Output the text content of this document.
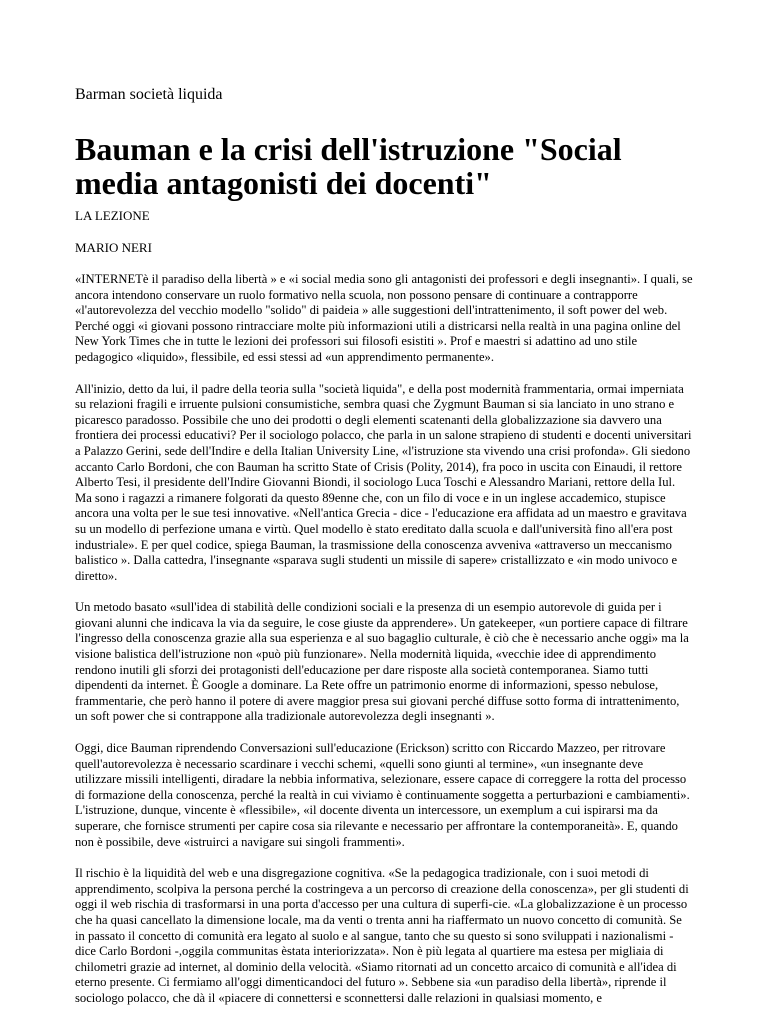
Barman società liquida

Bauman e la crisi dell'istruzione "Social media antagonisti dei docenti"

LA LEZIONE

MARIO NERI

«INTERNETè il paradiso della libertà » e «i social media sono gli antagonisti dei professori e degli insegnanti». I quali, se ancora intendono conservare un ruolo formativo nella scuola, non possono pensare di continuare a contrapporre «l'autorevolezza del vecchio modello "solido" di paideia » alle suggestioni dell'intrattenimento, il soft power del web. Perché oggi «i giovani possono rintracciare molte più informazioni utili a districarsi nella realtà in una pagina online del New York Times che in tutte le lezioni dei professori sui filosofi esistiti ». Prof e maestri si adattino ad uno stile pedagogico «liquido», flessibile, ed essi stessi ad «un apprendimento permanente».

All'inizio, detto da lui, il padre della teoria sulla "società liquida", e della post modernità frammentaria, ormai imperniata su relazioni fragili e irruente pulsioni consumistiche, sembra quasi che Zygmunt Bauman si sia lanciato in uno strano e picaresco paradosso. Possibile che uno dei prodotti o degli elementi scatenanti della globalizzazione sia davvero una frontiera dei processi educativi? Per il sociologo polacco, che parla in un salone strapieno di studenti e docenti universitari a Palazzo Gerini, sede dell'Indire e della Italian University Line, «l'istruzione sta vivendo una crisi profonda». Gli siedono accanto Carlo Bordoni, che con Bauman ha scritto State of Crisis (Polity, 2014), fra poco in uscita con Einaudi, il rettore Alberto Tesi, il presidente dell'Indire Giovanni Biondi, il sociologo Luca Toschi e Alessandro Mariani, rettore della Iul. Ma sono i ragazzi a rimanere folgorati da questo 89enne che, con un filo di voce e in un inglese accademico, stupisce ancora una volta per le sue tesi innovative. «Nell'antica Grecia - dice - l'educazione era affidata ad un maestro e gravitava su un modello di perfezione umana e virtù. Quel modello è stato ereditato dalla scuola e dall'università fino all'era post industriale». E per quel codice, spiega Bauman, la trasmissione della conoscenza avveniva «attraverso un meccanismo balistico ». Dalla cattedra, l'insegnante «sparava sugli studenti un missile di sapere» cristallizzato e «in modo univoco e diretto».

Un metodo basato «sull'idea di stabilità delle condizioni sociali e la presenza di un esempio autorevole di guida per i giovani alunni che indicava la via da seguire, le cose giuste da apprendere». Un gatekeeper, «un portiere capace di filtrare l'ingresso della conoscenza grazie alla sua esperienza e al suo bagaglio culturale, è ciò che è necessario anche oggi» ma la visione balistica dell'istruzione non «può più funzionare». Nella modernità liquida, «vecchie idee di apprendimento rendono inutili gli sforzi dei protagonisti dell'educazione per dare risposte alla società contemporanea. Siamo tutti dipendenti da internet. È Google a dominare. La Rete offre un patrimonio enorme di informazioni, spesso nebulose, frammentarie, che però hanno il potere di avere maggior presa sui giovani perché diffuse sotto forma di intrattenimento, un soft power che si contrappone alla tradizionale autorevolezza degli insegnanti ».

Oggi, dice Bauman riprendendo Conversazioni sull'educazione (Erickson) scritto con Riccardo Mazzeo, per ritrovare quell'autorevolezza è necessario scardinare i vecchi schemi, «quelli sono giunti al termine», «un insegnante deve utilizzare missili intelligenti, diradare la nebbia informativa, selezionare, essere capace di correggere la rotta del processo di formazione della conoscenza, perché la realtà in cui viviamo è continuamente soggetta a perturbazioni e cambiamenti». L'istruzione, dunque, vincente è «flessibile», «il docente diventa un intercessore, un exemplum a cui ispirarsi ma da superare, che fornisce strumenti per capire cosa sia rilevante e necessario per affrontare la contemporaneità». E, quando non è possibile, deve «istruirci a navigare sui singoli frammenti».

Il rischio è la liquidità del web e una disgregazione cognitiva. «Se la pedagogica tradizionale, con i suoi metodi di apprendimento, scolpiva la persona perché la costringeva a un percorso di creazione della conoscenza», per gli studenti di oggi il web rischia di trasformarsi in una porta d'accesso per una cultura di superfi-cie. «La globalizzazione è un processo che ha quasi cancellato la dimensione locale, ma da venti o trenta anni ha riaffermato un nuovo concetto di comunità. Se in passato il concetto di comunità era legato al suolo e al sangue, tanto che su questo si sono sviluppati i nazionalismi - dice Carlo Bordoni -,oggila communitas èstata interiorizzata». Non è più legata al quartiere ma estesa per migliaia di chilometri grazie ad internet, al dominio della velocità. «Siamo ritornati ad un concetto arcaico di comunità e all'idea di eterno presente. Ci fermiamo all'oggi dimenticandoci del futuro ». Sebbene sia «un paradiso della libertà», riprende il sociologo polacco, che dà il «piacere di connettersi e sconnettersi dalle relazioni in qualsiasi momento, e
